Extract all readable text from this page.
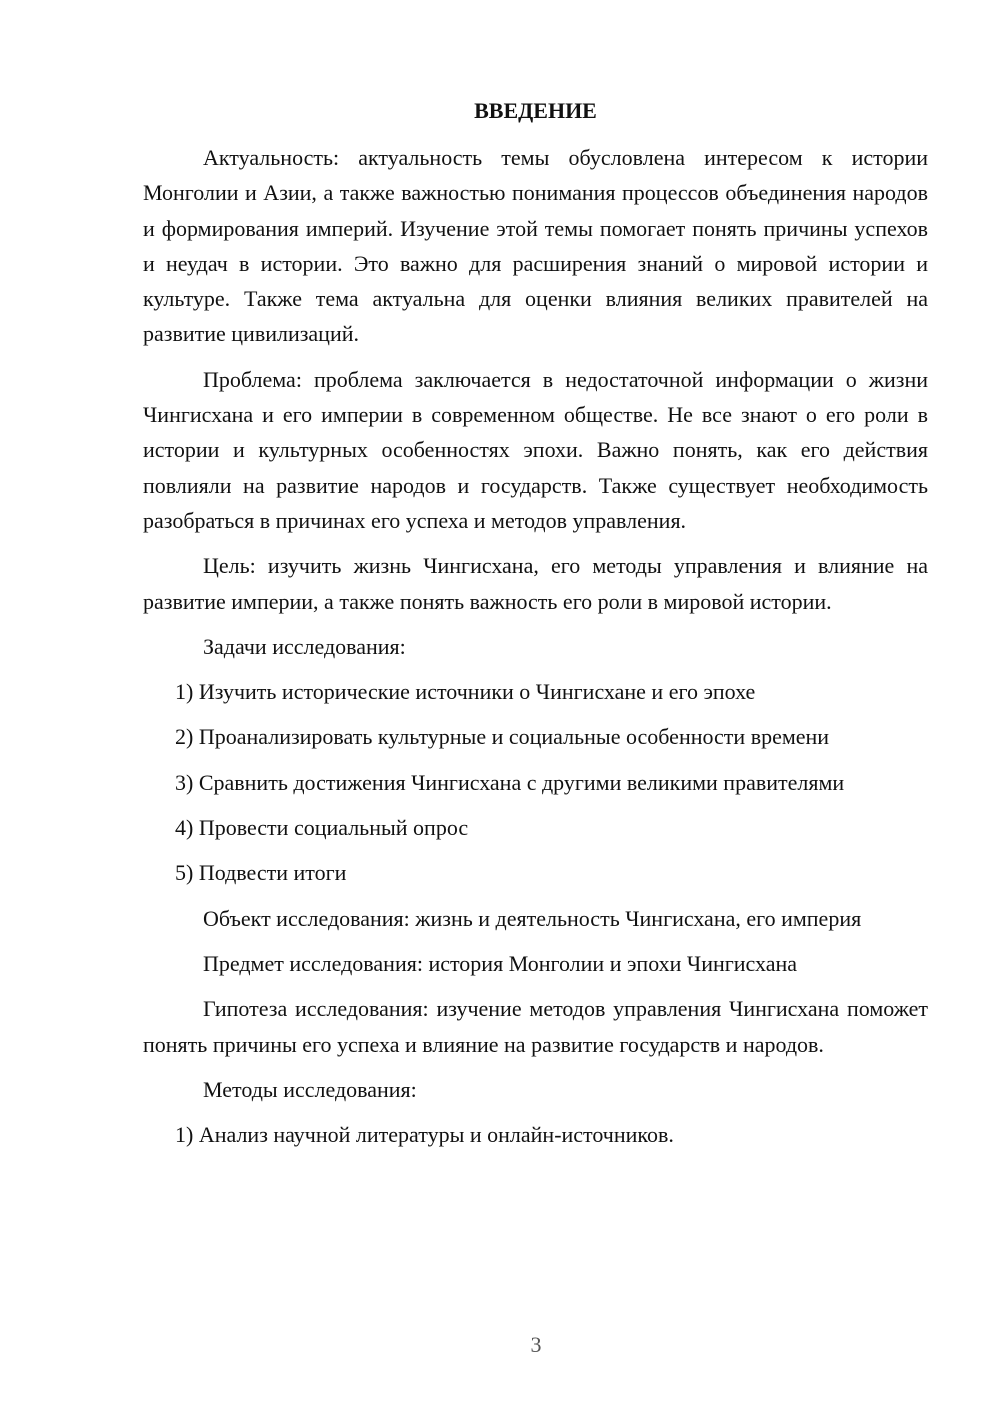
ВВЕДЕНИЕ

Актуальность: актуальность темы обусловлена интересом к истории Монголии и Азии, а также важностью понимания процессов объединения народов и формирования империй. Изучение этой темы помогает понять причины успехов и неудач в истории. Это важно для расширения знаний о мировой истории и культуре. Также тема актуальна для оценки влияния великих правителей на развитие цивилизаций.

Проблема: проблема заключается в недостаточной информации о жизни Чингисхана и его империи в современном обществе. Не все знают о его роли в истории и культурных особенностях эпохи. Важно понять, как его действия повлияли на развитие народов и государств. Также существует необходимость разобраться в причинах его успеха и методов управления.

Цель: изучить жизнь Чингисхана, его методы управления и влияние на развитие империи, а также понять важность его роли в мировой истории.

Задачи исследования:

1) Изучить исторические источники о Чингисхане и его эпохе
2) Проанализировать культурные и социальные особенности времени
3) Сравнить достижения Чингисхана с другими великими правителями
4) Провести социальный опрос
5) Подвести итоги

Объект исследования: жизнь и деятельность Чингисхана, его империя

Предмет исследования: история Монголии и эпохи Чингисхана

Гипотеза исследования: изучение методов управления Чингисхана поможет понять причины его успеха и влияние на развитие государств и народов.

Методы исследования:

1) Анализ научной литературы и онлайн-источников.
3
